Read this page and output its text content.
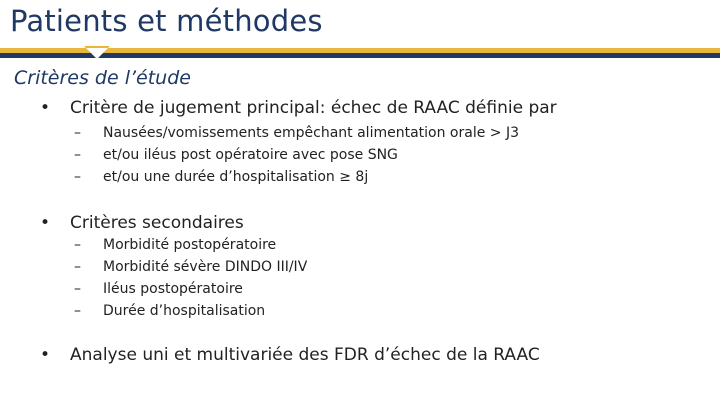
Patients et méthodes
Critères de l’étude
• Critère de jugement principal: échec de RAAC définie par
– Nausées/vomissements empêchant alimentation orale > J3
– et/ou iléus post opératoire avec pose SNG
– et/ou une durée d’hospitalisation ≥ 8j
• Critères secondaires
– Morbidité postopératoire
– Morbidité sévère DINDO III/IV
– Iléus postopératoire
– Durée d’hospitalisation
• Analyse uni et multivariée des FDR d’échec de la RAAC
